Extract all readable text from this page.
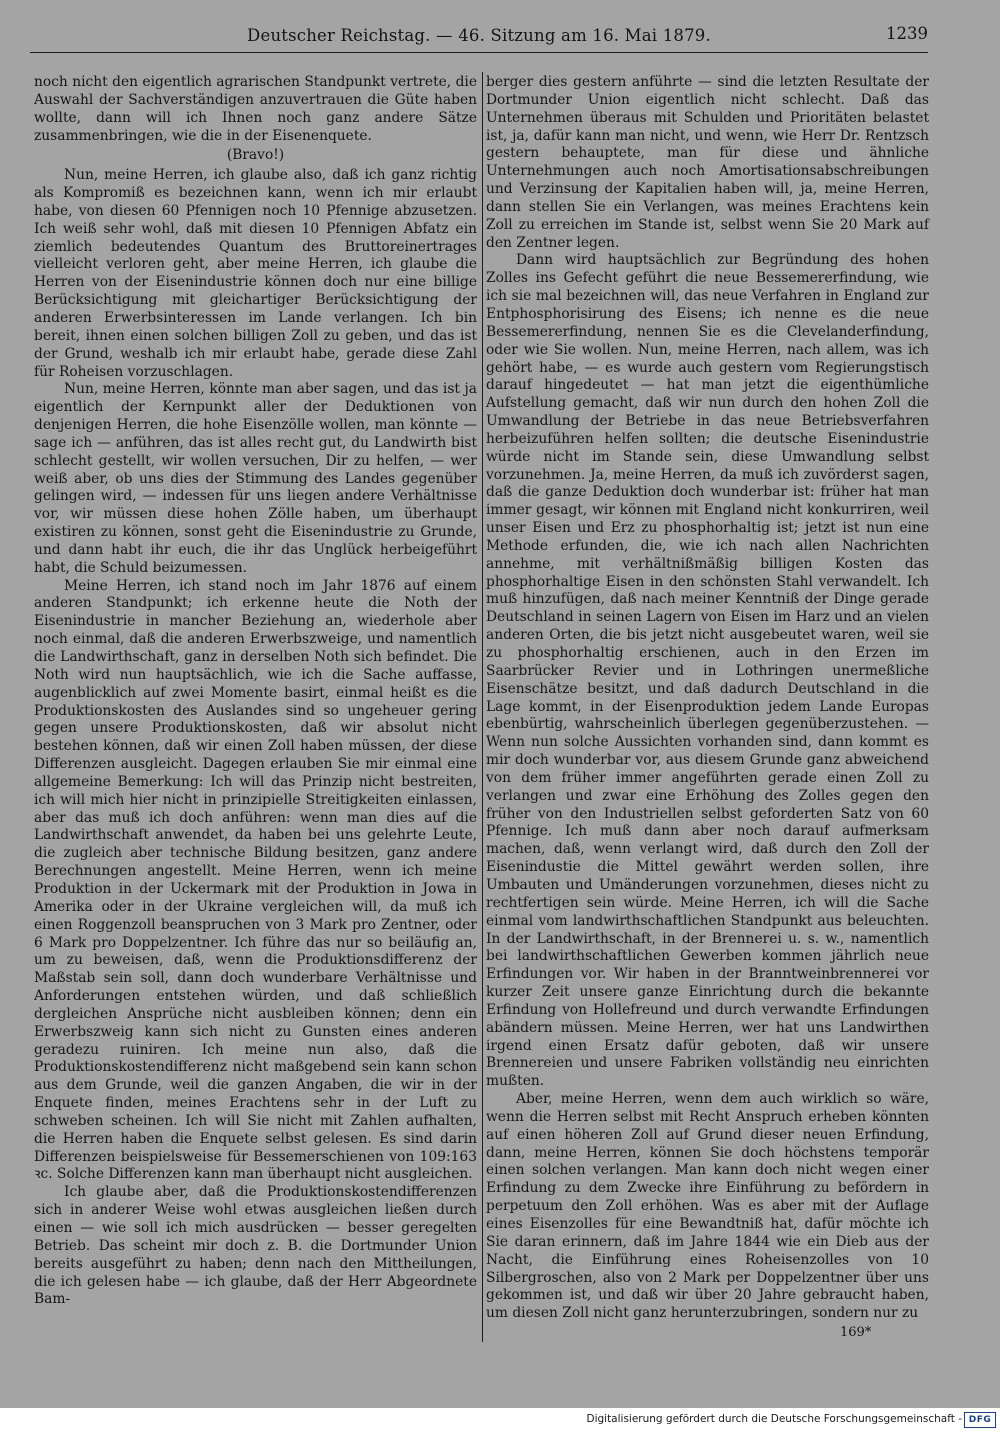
Deutscher Reichstag. — 46. Sitzung am 16. Mai 1879.	1239

noch nicht den eigentlich agrarischen Standpunkt vertrete, die Auswahl der Sachverständigen anzuvertrauen die Güte haben wollte, dann will ich Ihnen noch ganz andere Sätze zusammenbringen, wie die in der Eisenenquete.

(Bravo!)

Nun, meine Herren, ich glaube also, daß ich ganz richtig als Kompromiß es bezeichnen kann, wenn ich mir erlaubt habe, von diesen 60 Pfennigen noch 10 Pfennige abzusetzen. Ich weiß sehr wohl, daß mit diesen 10 Pfennigen Abfatz ein ziemlich bedeutendes Quantum des Bruttoreinertrages vielleicht verloren geht, aber meine Herren, ich glaube die Herren von der Eisenindustrie können doch nur eine billige Berücksichtigung mit gleichartiger Berücksichtigung der anderen Erwerbsinteressen im Lande verlangen. Ich bin bereit, ihnen einen solchen billigen Zoll zu geben, und das ist der Grund, weshalb ich mir erlaubt habe, gerade diese Zahl für Roheisen vorzuschlagen.

Nun, meine Herren, könnte man aber sagen, und das ist ja eigentlich der Kernpunkt aller der Deduktionen von denjenigen Herren, die hohe Eisenzölle wollen, man könnte — sage ich — anführen, das ist alles recht gut, du Landwirth bist schlecht gestellt, wir wollen versuchen, Dir zu helfen, — wer weiß aber, ob uns dies der Stimmung des Landes gegenüber gelingen wird, — indessen für uns liegen andere Verhältnisse vor, wir müssen diese hohen Zölle haben, um überhaupt existiren zu können, sonst geht die Eisenindustrie zu Grunde, und dann habt ihr euch, die ihr das Unglück herbeigeführt habt, die Schuld beizumessen.

Meine Herren, ich stand noch im Jahr 1876 auf einem anderen Standpunkt; ich erkenne heute die Noth der Eisenindustrie in mancher Beziehung an, wiederhole aber noch einmal, daß die anderen Erwerbszweige, und namentlich die Landwirthschaft, ganz in derselben Noth sich befindet. Die Noth wird nun hauptsächlich, wie ich die Sache auffasse, augenblicklich auf zwei Momente basirt, einmal heißt es die Produktionskosten des Auslandes sind so ungeheuer gering gegen unsere Produktionskosten, daß wir absolut nicht bestehen können, daß wir einen Zoll haben müssen, der diese Differenzen ausgleicht. Dagegen erlauben Sie mir einmal eine allgemeine Bemerkung: Ich will das Prinzip nicht bestreiten, ich will mich hier nicht in prinzipielle Streitigkeiten einlassen, aber das muß ich doch anführen: wenn man dies auf die Landwirthschaft anwendet, da haben bei uns gelehrte Leute, die zugleich aber technische Bildung besitzen, ganz andere Berechnungen angestellt. Meine Herren, wenn ich meine Produktion in der Uckermark mit der Produktion in Jowa in Amerika oder in der Ukraine vergleichen will, da muß ich einen Roggenzoll beanspruchen von 3 Mark pro Zentner, oder 6 Mark pro Doppelzentner. Ich führe das nur so beiläufig an, um zu beweisen, daß, wenn die Produktionsdifferenz der Maßstab sein soll, dann doch wunderbare Verhältnisse und Anforderungen entstehen würden, und daß schließlich dergleichen Ansprüche nicht ausbleiben können; denn ein Erwerbszweig kann sich nicht zu Gunsten eines anderen geradezu ruiniren. Ich meine nun also, daß die Produktionskostendifferenz nicht maßgebend sein kann schon aus dem Grunde, weil die ganzen Angaben, die wir in der Enquete finden, meines Erachtens sehr in der Luft zu schweben scheinen. Ich will Sie nicht mit Zahlen aufhalten, die Herren haben die Enquete selbst gelesen. Es sind darin Differenzen beispielsweise für Bessemerschienen von 109:163 ꝛc. Solche Differenzen kann man überhaupt nicht ausgleichen.

Ich glaube aber, daß die Produktionskostendifferenzen sich in anderer Weise wohl etwas ausgleichen ließen durch einen — wie soll ich mich ausdrücken — besser geregelten Betrieb. Das scheint mir doch z. B. die Dortmunder Union bereits ausgeführt zu haben; denn nach den Mittheilungen, die ich gelesen habe — ich glaube, daß der Herr Abgeordnete Bam-

berger dies gestern anführte — sind die letzten Resultate der Dortmunder Union eigentlich nicht schlecht. Daß das Unternehmen überaus mit Schulden und Prioritäten belastet ist, ja, dafür kann man nicht, und wenn, wie Herr Dr. Rentzsch gestern behauptete, man für diese und ähnliche Unternehmungen auch noch Amortisationsabschreibungen und Verzinsung der Kapitalien haben will, ja, meine Herren, dann stellen Sie ein Verlangen, was meines Erachtens kein Zoll zu erreichen im Stande ist, selbst wenn Sie 20 Mark auf den Zentner legen.

Dann wird hauptsächlich zur Begründung des hohen Zolles ins Gefecht geführt die neue Bessemererfindung, wie ich sie mal bezeichnen will, das neue Verfahren in England zur Entphosphorisirung des Eisens; ich nenne es die neue Bessemererfindung, nennen Sie es die Clevelanderfindung, oder wie Sie wollen. Nun, meine Herren, nach allem, was ich gehört habe, — es wurde auch gestern vom Regierungstisch darauf hingedeutet — hat man jetzt die eigenthümliche Aufstellung gemacht, daß wir nun durch den hohen Zoll die Umwandlung der Betriebe in das neue Betriebsverfahren herbeizuführen helfen sollten; die deutsche Eisenindustrie würde nicht im Stande sein, diese Umwandlung selbst vorzunehmen. Ja, meine Herren, da muß ich zuvörderst sagen, daß die ganze Deduktion doch wunderbar ist: früher hat man immer gesagt, wir können mit England nicht konkurriren, weil unser Eisen und Erz zu phosphorhaltig ist; jetzt ist nun eine Methode erfunden, die, wie ich nach allen Nachrichten annehme, mit verhältnißmäßig billigen Kosten das phosphorhaltige Eisen in den schönsten Stahl verwandelt. Ich muß hinzufügen, daß nach meiner Kenntniß der Dinge gerade Deutschland in seinen Lagern von Eisen im Harz und an vielen anderen Orten, die bis jetzt nicht ausgebeutet waren, weil sie zu phosphorhaltig erschienen, auch in den Erzen im Saarbrücker Revier und in Lothringen unermeßliche Eisenschätze besitzt, und daß dadurch Deutschland in die Lage kommt, in der Eisenproduktion jedem Lande Europas ebenbürtig, wahrscheinlich überlegen gegenüberzustehen. — Wenn nun solche Aussichten vorhanden sind, dann kommt es mir doch wunderbar vor, aus diesem Grunde ganz abweichend von dem früher immer angeführten gerade einen Zoll zu verlangen und zwar eine Erhöhung des Zolles gegen den früher von den Industriellen selbst geforderten Satz von 60 Pfennige. Ich muß dann aber noch darauf aufmerksam machen, daß, wenn verlangt wird, daß durch den Zoll der Eisenindustie die Mittel gewährt werden sollen, ihre Umbauten und Umänderungen vorzunehmen, dieses nicht zu rechtfertigen sein würde. Meine Herren, ich will die Sache einmal vom landwirthschaftlichen Standpunkt aus beleuchten. In der Landwirthschaft, in der Brennerei u. s. w., namentlich bei landwirthschaftlichen Gewerben kommen jährlich neue Erfindungen vor. Wir haben in der Branntweinbrennerei vor kurzer Zeit unsere ganze Einrichtung durch die bekannte Erfindung von Hollefreund und durch verwandte Erfindungen abändern müssen. Meine Herren, wer hat uns Landwirthen irgend einen Ersatz dafür geboten, daß wir unsere Brennereien und unsere Fabriken vollständig neu einrichten mußten.

Aber, meine Herren, wenn dem auch wirklich so wäre, wenn die Herren selbst mit Recht Anspruch erheben könnten auf einen höheren Zoll auf Grund dieser neuen Erfindung, dann, meine Herren, können Sie doch höchstens temporär einen solchen verlangen. Man kann doch nicht wegen einer Erfindung zu dem Zwecke ihre Einführung zu befördern in perpetuum den Zoll erhöhen. Was es aber mit der Auflage eines Eisenzolles für eine Bewandtniß hat, dafür möchte ich Sie daran erinnern, daß im Jahre 1844 wie ein Dieb aus der Nacht, die Einführung eines Roheisenzolles von 10 Silbergroschen, also von 2 Mark per Doppelzentner über uns gekommen ist, und daß wir über 20 Jahre gebraucht haben, um diesen Zoll nicht ganz herunterzubringen, sondern nur zu

169*
Digitalisierung gefördert durch die Deutsche Forschungsgemeinschaft - DFG
